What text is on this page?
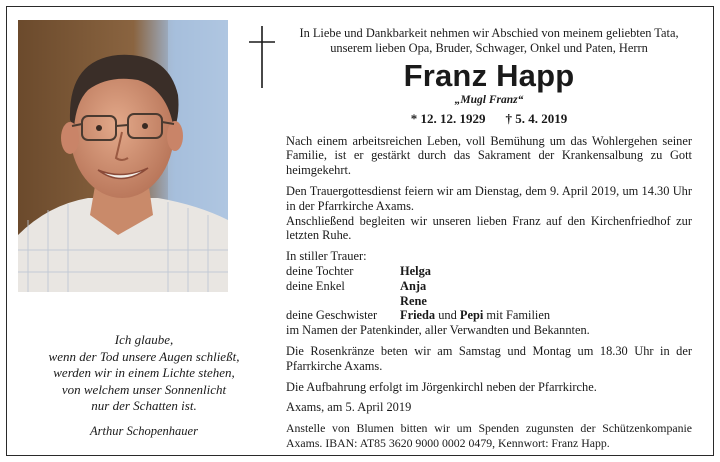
Ich glaube,
wenn der Tod unsere Augen schließt,
werden wir in einem Lichte stehen,
von welchem unser Sonnenlicht
nur der Schatten ist.
Arthur Schopenhauer
In Liebe und Dankbarkeit nehmen wir Abschied von meinem geliebten Tata, unserem lieben Opa, Bruder, Schwager, Onkel und Paten, Herrn
Franz Happ
„Mugl Franz“
* 12. 12. 1929 † 5. 4. 2019
Nach einem arbeitsreichen Leben, voll Bemühung um das Wohlergehen seiner Familie, ist er gestärkt durch das Sakrament der Krankensalbung zu Gott heimgekehrt.
Den Trauergottesdienst feiern wir am Dienstag, dem 9. April 2019, um 14.30 Uhr in der Pfarrkirche Axams.
Anschließend begleiten wir unseren lieben Franz auf den Kirchenfriedhof zur letzten Ruhe.
In stiller Trauer:
deine Tochter	Helga
deine Enkel	Anja
Rene
deine Geschwister	Frieda und Pepi mit Familien
im Namen der Patenkinder, aller Verwandten und Bekannten.
Die Rosenkränze beten wir am Samstag und Montag um 18.30 Uhr in der Pfarrkirche Axams.
Die Aufbahrung erfolgt im Jörgenkirchl neben der Pfarrkirche.
Axams, am 5. April 2019
Anstelle von Blumen bitten wir um Spenden zugunsten der Schützenkompanie Axams. IBAN: AT85 3620 9000 0002 0479, Kennwort: Franz Happ.
